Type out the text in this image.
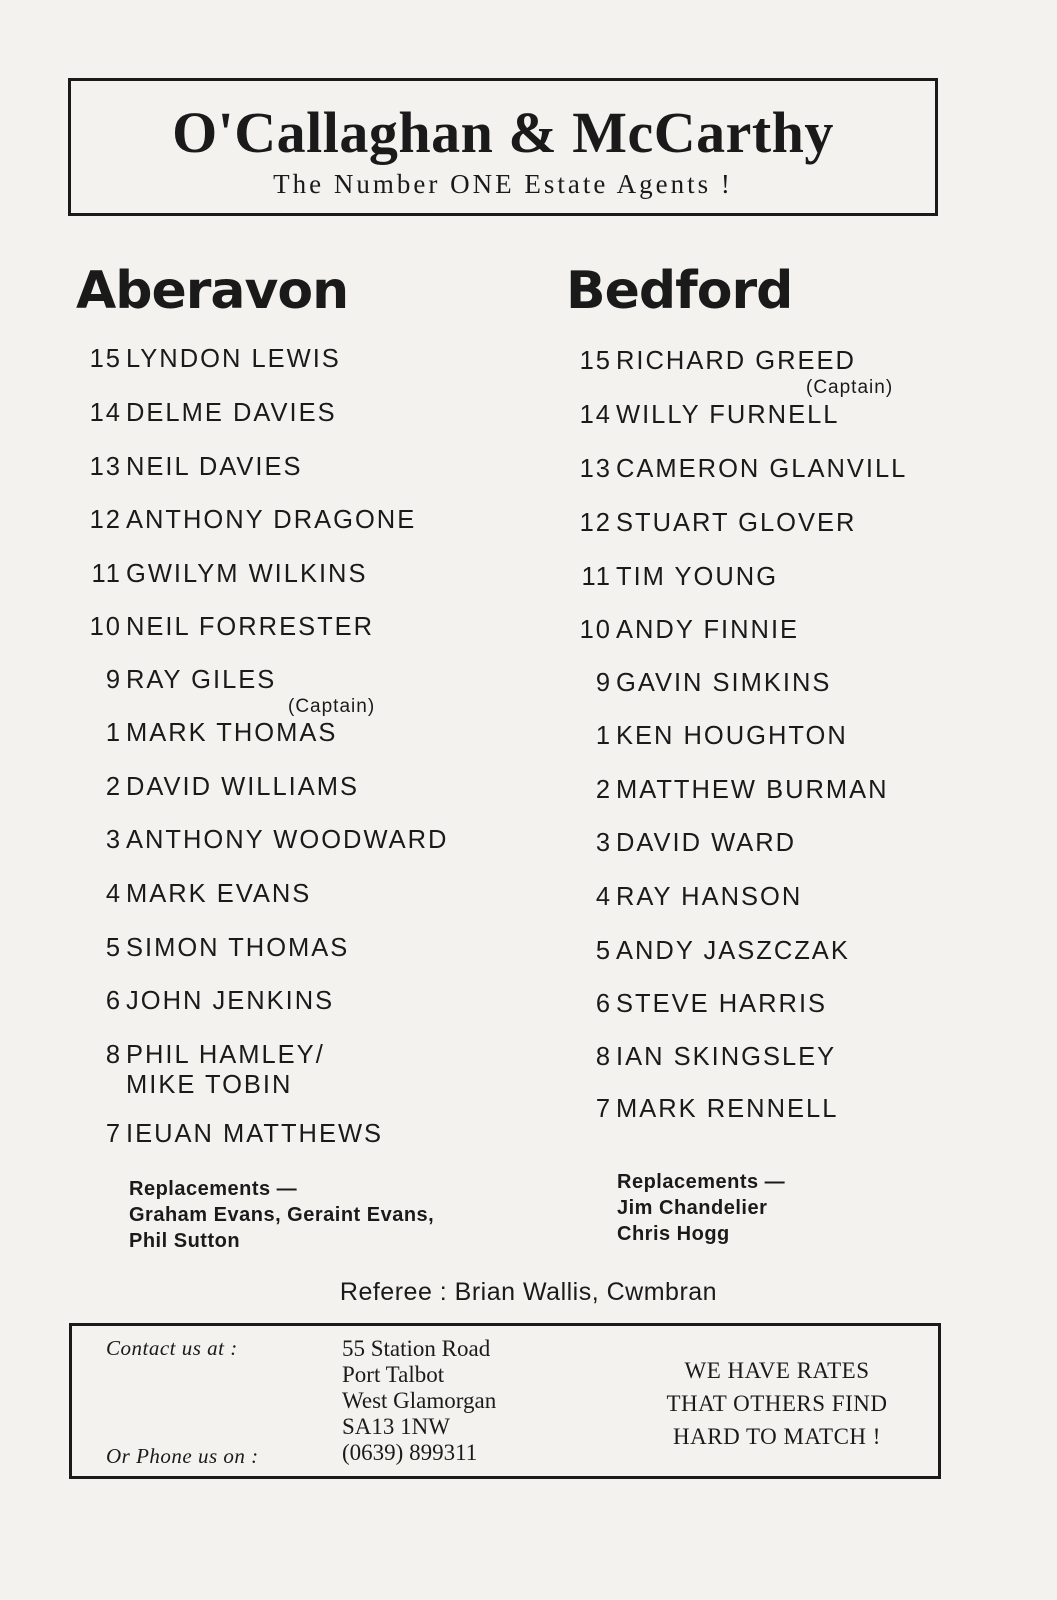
O'Callaghan & McCarthy
The Number ONE Estate Agents !
Aberavon
15 LYNDON LEWIS
14 DELME DAVIES
13 NEIL DAVIES
12 ANTHONY DRAGONE
11 GWILYM WILKINS
10 NEIL FORRESTER
9 RAY GILES
(Captain)
1 MARK THOMAS
2 DAVID WILLIAMS
3 ANTHONY WOODWARD
4 MARK EVANS
5 SIMON THOMAS
6 JOHN JENKINS
8 PHIL HAMLEY/
MIKE TOBIN
7 IEUAN MATTHEWS
Replacements —
Graham Evans, Geraint Evans,
Phil Sutton
Bedford
15 RICHARD GREED
(Captain)
14 WILLY FURNELL
13 CAMERON GLANVILL
12 STUART GLOVER
11 TIM YOUNG
10 ANDY FINNIE
9 GAVIN SIMKINS
1 KEN HOUGHTON
2 MATTHEW BURMAN
3 DAVID WARD
4 RAY HANSON
5 ANDY JASZCZAK
6 STEVE HARRIS
8 IAN SKINGSLEY
7 MARK RENNELL
Replacements —
Jim Chandelier
Chris Hogg
Referee : Brian Wallis, Cwmbran
Contact us at :	55 Station Road
Port Talbot
West Glamorgan
SA13 1NW
(0639) 899311
Or Phone us on :
WE HAVE RATES
THAT OTHERS FIND
HARD TO MATCH !
